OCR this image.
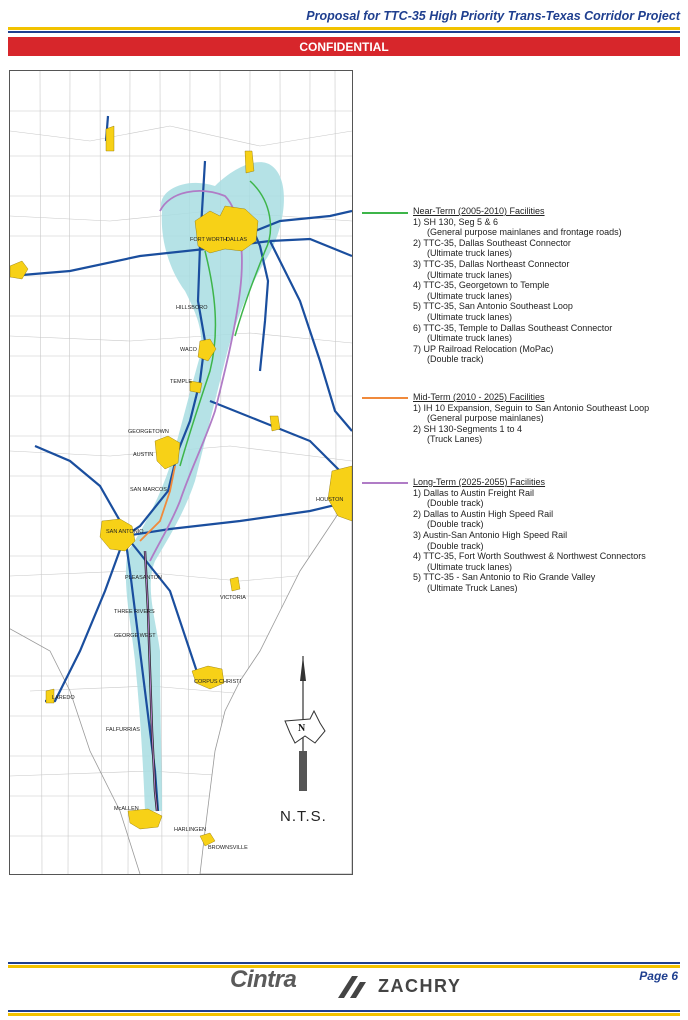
Proposal for TTC-35 High Priority Trans-Texas Corridor Project
CONFIDENTIAL
FORT WORTH DALLAS
HILLSBORO
WACO
TEMPLE
GEORGETOWN
AUSTIN
SAN MARCOS
SAN ANTONIO
HOUSTON
PLEASANTON
VICTORIA
THREE RIVERS
GEORGE WEST
CORPUS CHRISTI
LAREDO
FALFURRIAS
McALLEN
HARLINGEN
BROWNSVILLE
N
N.T.S.
Near-Term (2005-2010) Facilities
1) SH 130, Seg 5 & 6
(General purpose mainlanes and frontage roads)
2) TTC-35, Dallas Southeast Connector
(Ultimate truck lanes)
3) TTC-35, Dallas Northeast Connector
(Ultimate truck lanes)
4) TTC-35, Georgetown to Temple
(Ultimate truck lanes)
5) TTC-35, San Antonio Southeast Loop
(Ultimate truck lanes)
6) TTC-35, Temple to Dallas Southeast Connector
(Ultimate truck lanes)
7) UP Railroad Relocation (MoPac)
(Double track)
Mid-Term (2010 - 2025) Facilities
1) IH 10 Expansion, Seguin to San Antonio Southeast Loop
(General purpose mainlanes)
2) SH 130-Segments 1 to 4
(Truck Lanes)
Long-Term (2025-2055) Facilities
1) Dallas to Austin Freight Rail
(Double track)
2) Dallas to Austin High Speed Rail
(Double track)
3) Austin-San Antonio High Speed Rail
(Double track)
4) TTC-35, Fort Worth Southwest & Northwest Connectors
(Ultimate truck lanes)
5) TTC-35 - San Antonio to Rio Grande Valley
(Ultimate Truck Lanes)
Cintra	ZACHRY	Page 6
